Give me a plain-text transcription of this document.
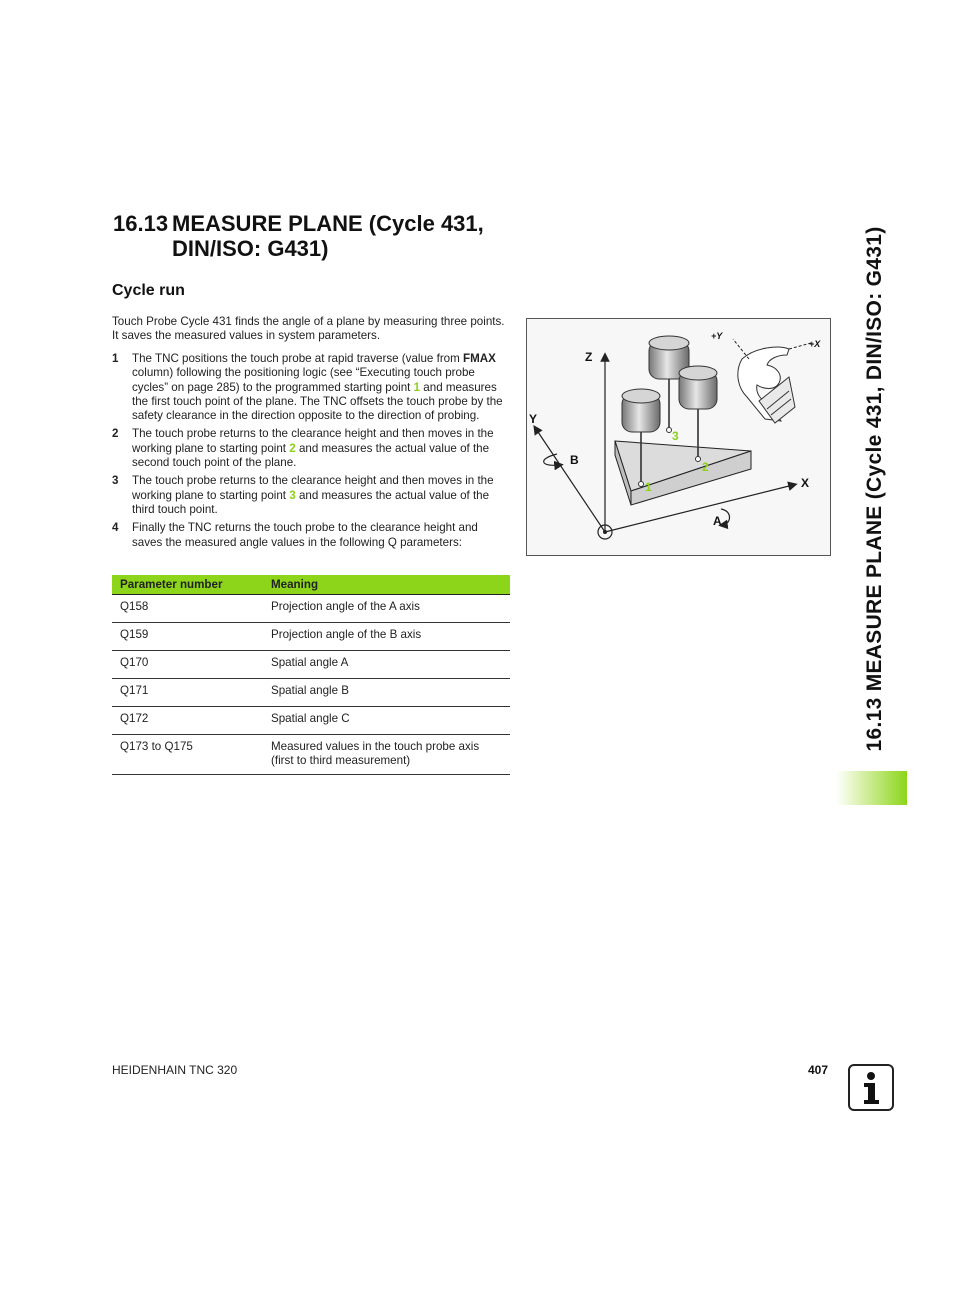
16.13 MEASURE PLANE (Cycle 431,
DIN/ISO: G431)
Cycle run
Touch Probe Cycle 431 finds the angle of a plane by measuring three points. It saves the measured values in system parameters.
1 The TNC positions the touch probe at rapid traverse (value from FMAX column) following the positioning logic (see “Executing touch probe cycles” on page 285) to the programmed starting point 1 and measures the first touch point of the plane. The TNC offsets the touch probe by the safety clearance in the direction opposite to the direction of probing.
2 The touch probe returns to the clearance height and then moves in the working plane to starting point 2 and measures the actual value of the second touch point of the plane.
3 The touch probe returns to the clearance height and then moves in the working plane to starting point 3 and measures the actual value of the third touch point.
4 Finally the TNC returns the touch probe to the clearance height and saves the measured angle values in the following Q parameters:
Parameter number	Meaning
Q158	Projection angle of the A axis
Q159	Projection angle of the B axis
Q170	Spatial angle A
Q171	Spatial angle B
Q172	Spatial angle C
Q173 to Q175	Measured values in the touch probe axis (first to third measurement)
Z
Y
B
X
A
+Y
+X
1
2
3	16.13 MEASURE PLANE (Cycle 431, DIN/ISO: G431)
HEIDENHAIN TNC 320	407
